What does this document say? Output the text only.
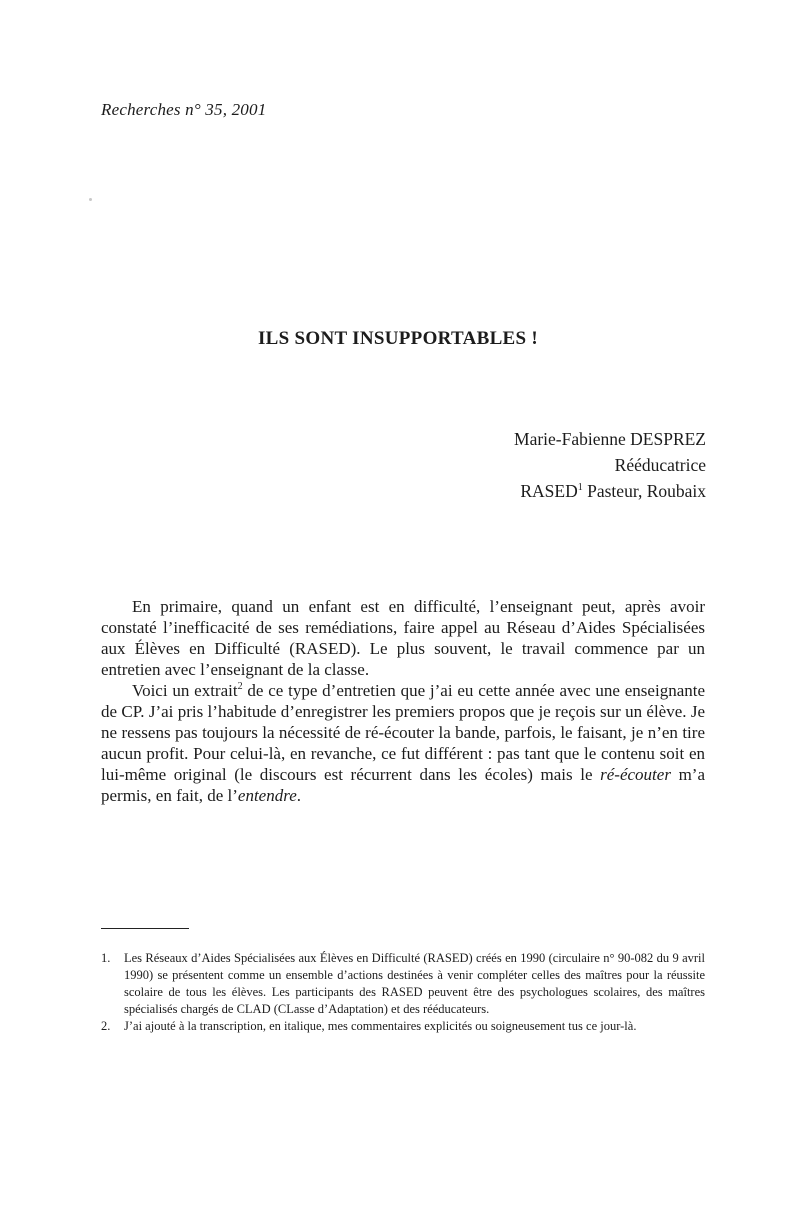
Recherches n° 35, 2001
ILS SONT INSUPPORTABLES !
Marie-Fabienne DESPREZ
Rééducatrice
RASED$^1$ Pasteur, Roubaix

En primaire, quand un enfant est en difficulté, l’enseignant peut, après avoir constaté l’inefficacité de ses remédiations, faire appel au Réseau d’Aides Spécialisées aux Élèves en Difficulté (RASED). Le plus souvent, le travail commence par un entretien avec l’enseignant de la classe.

Voici un extrait$^2$ de ce type d’entretien que j’ai eu cette année avec une enseignante de CP. J’ai pris l’habitude d’enregistrer les premiers propos que je reçois sur un élève. Je ne ressens pas toujours la nécessité de ré-écouter la bande, parfois, le faisant, je n’en tire aucun profit. Pour celui-là, en revanche, ce fut différent : pas tant que le contenu soit en lui-même original (le discours est récurrent dans les écoles) mais le ré-écouter m’a permis, en fait, de l’entendre.

1.	Les Réseaux d’Aides Spécialisées aux Élèves en Difficulté (RASED) créés en 1990 (circulaire n° 90-082 du 9 avril 1990) se présentent comme un ensemble d’actions destinées à venir compléter celles des maîtres pour la réussite scolaire de tous les élèves. Les participants des RASED peuvent être des psychologues scolaires, des maîtres spécialisés chargés de CLAD (CLasse d’Adaptation) et des rééducateurs.
2.	J’ai ajouté à la transcription, en italique, mes commentaires explicités ou soigneusement tus ce jour-là.
